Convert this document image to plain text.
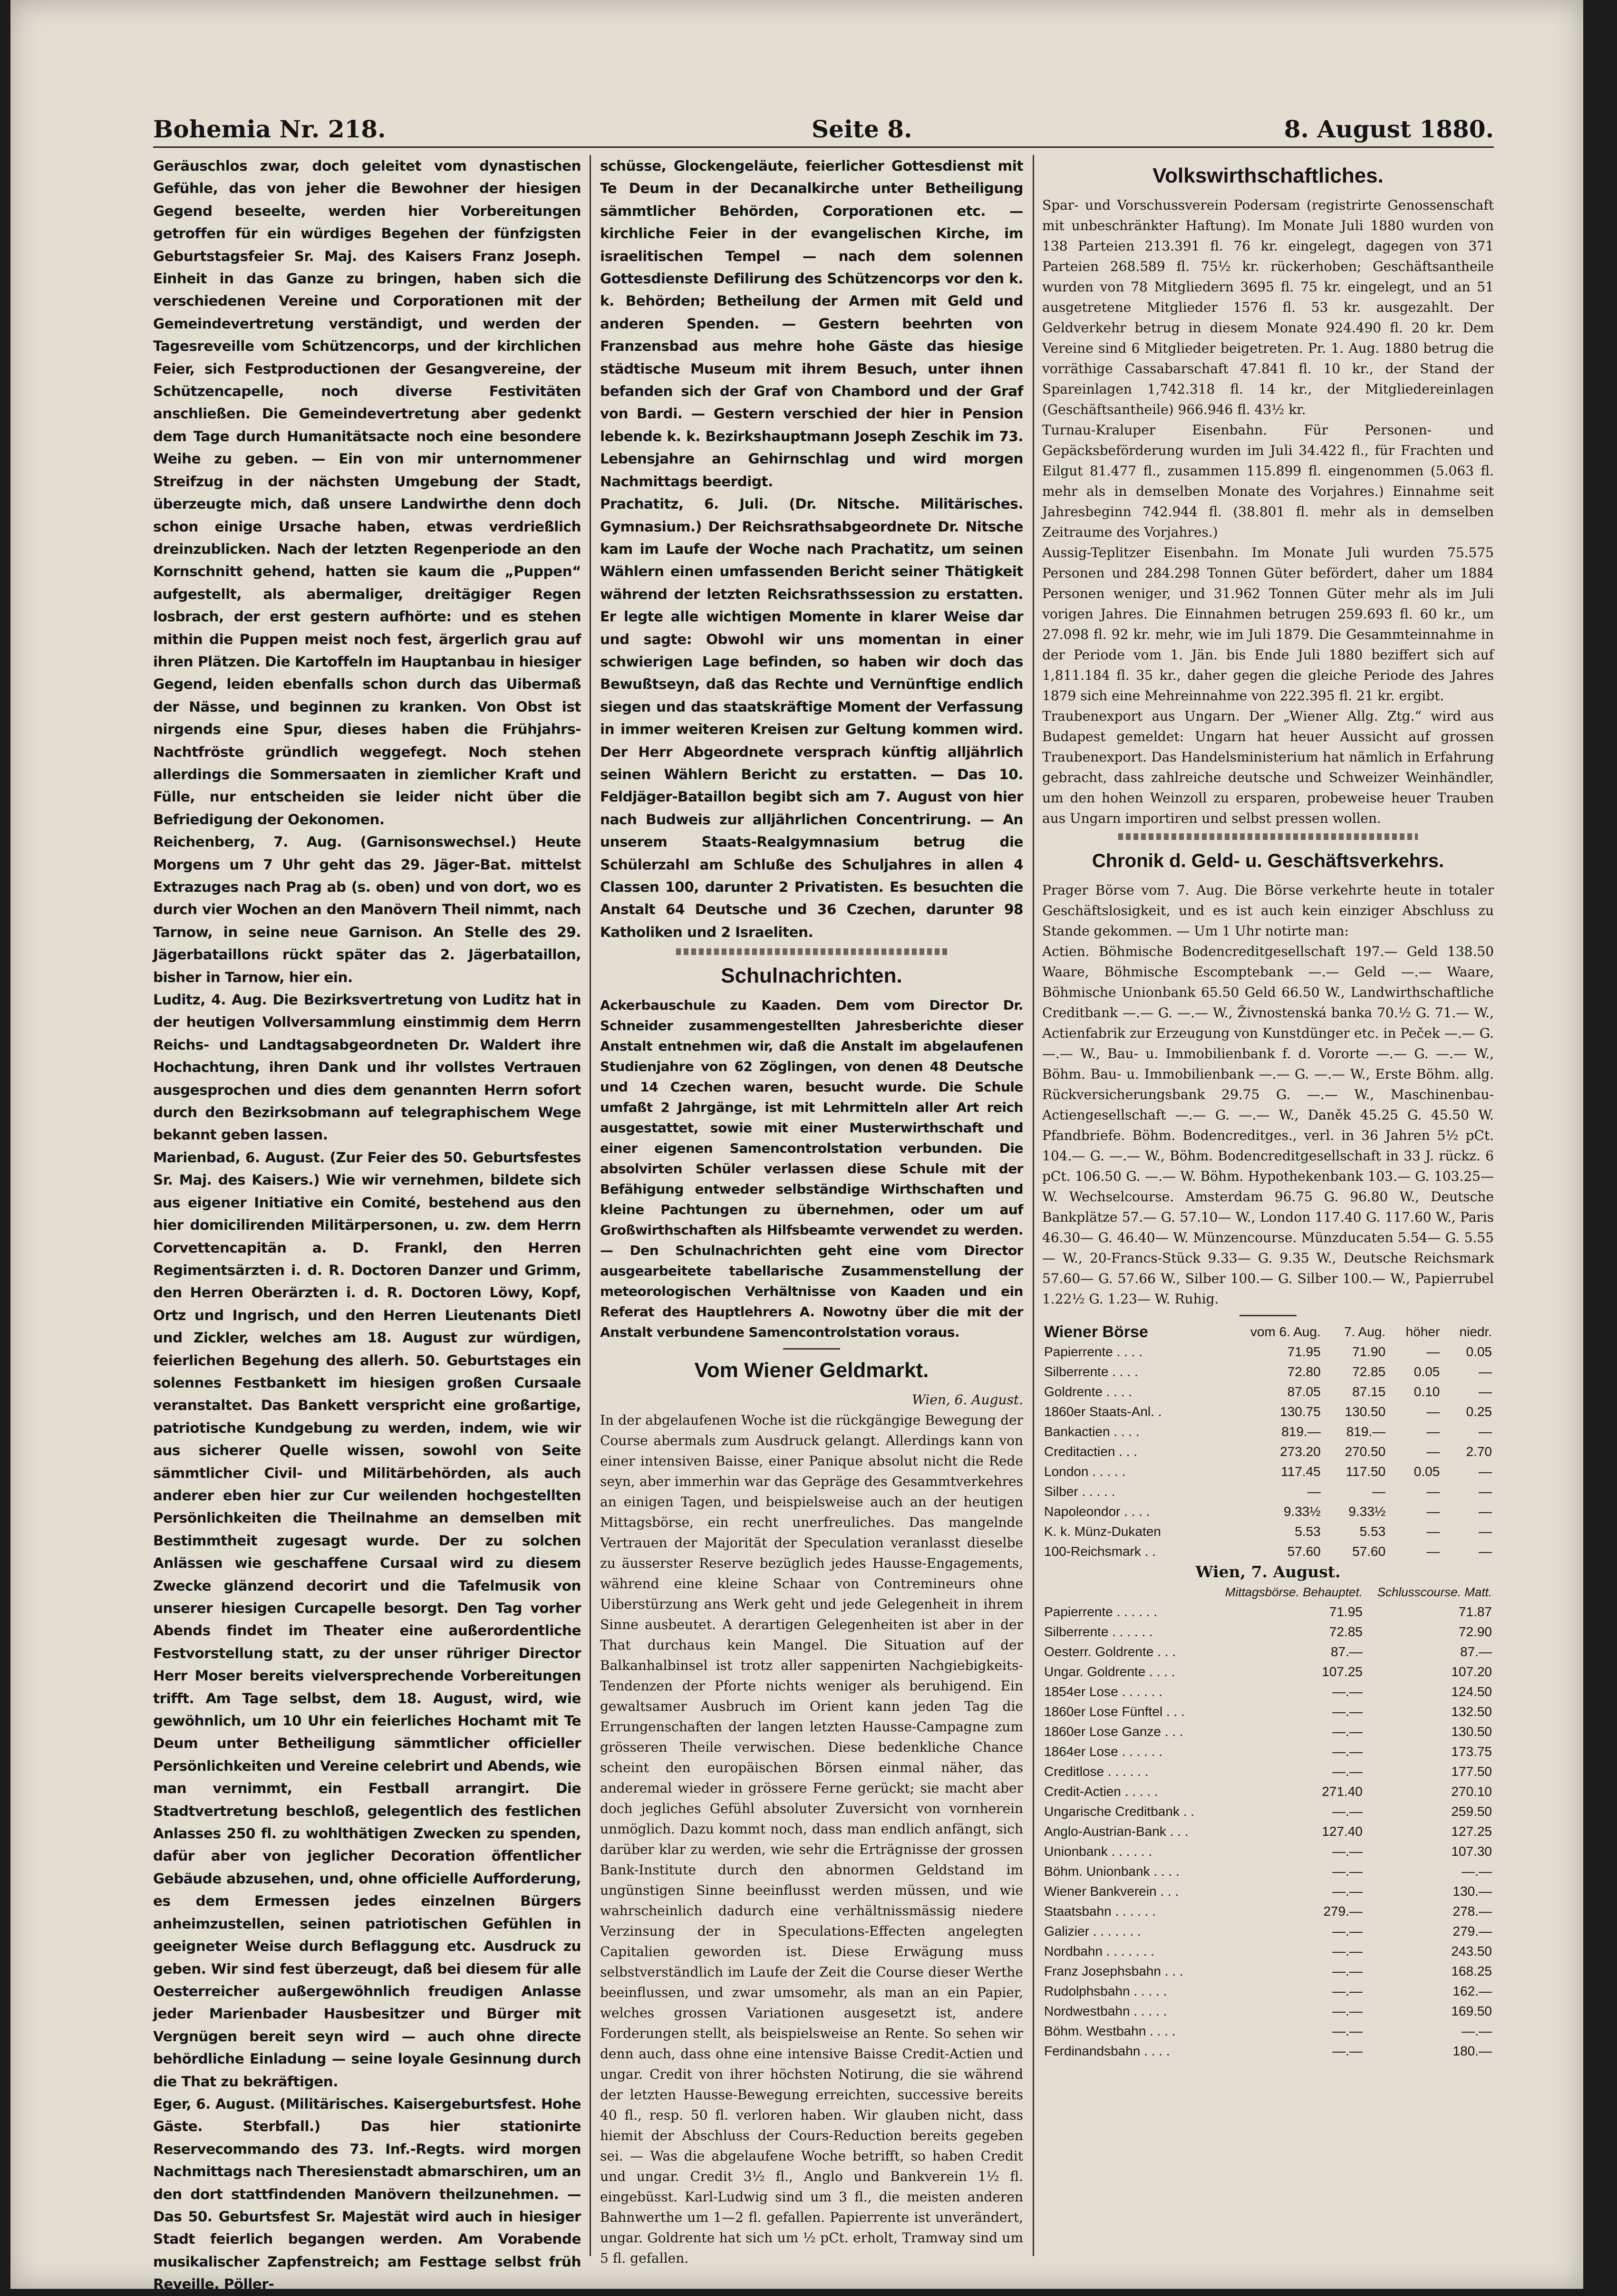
Bohemia Nr. 218.	Seite 8.	8. August 1880.

Geräuschlos zwar, doch geleitet vom dynastischen Gefühle, das von jeher die Bewohner der hiesigen Gegend beseelte, werden hier Vorbereitungen getroffen für ein würdiges Begehen der fünfzigsten Geburtstagsfeier Sr. Maj. des Kaisers Franz Joseph. Einheit in das Ganze zu bringen, haben sich die verschiedenen Vereine und Corporationen mit der Gemeindevertretung verständigt, und werden der Tagesreveille vom Schützencorps, und der kirchlichen Feier, sich Festproductionen der Gesangvereine, der Schützencapelle, noch diverse Festivitäten anschließen. Die Gemeindevertretung aber gedenkt dem Tage durch Humanitätsacte noch eine besondere Weihe zu geben. — Ein von mir unternommener Streifzug in der nächsten Umgebung der Stadt, überzeugte mich, daß unsere Landwirthe denn doch schon einige Ursache haben, etwas verdrießlich dreinzublicken. Nach der letzten Regenperiode an den Kornschnitt gehend, hatten sie kaum die „Puppen“ aufgestellt, als abermaliger, dreitägiger Regen losbrach, der erst gestern aufhörte: und es stehen mithin die Puppen meist noch fest, ärgerlich grau auf ihren Plätzen. Die Kartoffeln im Hauptanbau in hiesiger Gegend, leiden ebenfalls schon durch das Uibermaß der Nässe, und beginnen zu kranken. Von Obst ist nirgends eine Spur, dieses haben die Frühjahrs-Nachtfröste gründlich weggefegt. Noch stehen allerdings die Sommersaaten in ziemlicher Kraft und Fülle, nur entscheiden sie leider nicht über die Befriedigung der Oekonomen.

Reichenberg, 7. Aug. (Garnisonswechsel.) Heute Morgens um 7 Uhr geht das 29. Jäger-Bat. mittelst Extrazuges nach Prag ab (s. oben) und von dort, wo es durch vier Wochen an den Manövern Theil nimmt, nach Tarnow, in seine neue Garnison. An Stelle des 29. Jägerbataillons rückt später das 2. Jägerbataillon, bisher in Tarnow, hier ein.

Luditz, 4. Aug. Die Bezirksvertretung von Luditz hat in der heutigen Vollversammlung einstimmig dem Herrn Reichs- und Landtagsabgeordneten Dr. Waldert ihre Hochachtung, ihren Dank und ihr vollstes Vertrauen ausgesprochen und dies dem genannten Herrn sofort durch den Bezirksobmann auf telegraphischem Wege bekannt geben lassen.

Marienbad, 6. August. (Zur Feier des 50. Geburtsfestes Sr. Maj. des Kaisers.) Wie wir vernehmen, bildete sich aus eigener Initiative ein Comité, bestehend aus den hier domicilirenden Militärpersonen, u. zw. dem Herrn Corvettencapitän a. D. Frankl, den Herren Regimentsärzten i. d. R. Doctoren Danzer und Grimm, den Herren Oberärzten i. d. R. Doctoren Löwy, Kopf, Ortz und Ingrisch, und den Herren Lieutenants Dietl und Zickler, welches am 18. August zur würdigen, feierlichen Begehung des allerh. 50. Geburtstages ein solennes Festbankett im hiesigen großen Cursaale veranstaltet. Das Bankett verspricht eine großartige, patriotische Kundgebung zu werden, indem, wie wir aus sicherer Quelle wissen, sowohl von Seite sämmtlicher Civil- und Militärbehörden, als auch anderer eben hier zur Cur weilenden hochgestellten Persönlichkeiten die Theilnahme an demselben mit Bestimmtheit zugesagt wurde. Der zu solchen Anlässen wie geschaffene Cursaal wird zu diesem Zwecke glänzend decorirt und die Tafelmusik von unserer hiesigen Curcapelle besorgt. Den Tag vorher Abends findet im Theater eine außerordentliche Festvorstellung statt, zu der unser rühriger Director Herr Moser bereits vielversprechende Vorbereitungen trifft. Am Tage selbst, dem 18. August, wird, wie gewöhnlich, um 10 Uhr ein feierliches Hochamt mit Te Deum unter Betheiligung sämmtlicher officieller Persönlichkeiten und Vereine celebrirt und Abends, wie man vernimmt, ein Festball arrangirt. Die Stadtvertretung beschloß, gelegentlich des festlichen Anlasses 250 fl. zu wohlthätigen Zwecken zu spenden, dafür aber von jeglicher Decoration öffentlicher Gebäude abzusehen, und, ohne officielle Aufforderung, es dem Ermessen jedes einzelnen Bürgers anheimzustellen, seinen patriotischen Gefühlen in geeigneter Weise durch Beflaggung etc. Ausdruck zu geben. Wir sind fest überzeugt, daß bei diesem für alle Oesterreicher außergewöhnlich freudigen Anlasse jeder Marienbader Hausbesitzer und Bürger mit Vergnügen bereit seyn wird — auch ohne directe behördliche Einladung — seine loyale Gesinnung durch die That zu bekräftigen.

Eger, 6. August. (Militärisches. Kaisergeburtsfest. Hohe Gäste. Sterbfall.) Das hier stationirte Reservecommando des 73. Inf.-Regts. wird morgen Nachmittags nach Theresienstadt abmarschiren, um an den dort stattfindenden Manövern theilzunehmen. — Das 50. Geburtsfest Sr. Majestät wird auch in hiesiger Stadt feierlich begangen werden. Am Vorabende musikalischer Zapfenstreich; am Festtage selbst früh Reveille, Pöller-

schüsse, Glockengeläute, feierlicher Gottesdienst mit Te Deum in der Decanalkirche unter Betheiligung sämmtlicher Behörden, Corporationen etc. — kirchliche Feier in der evangelischen Kirche, im israelitischen Tempel — nach dem solennen Gottesdienste Defilirung des Schützencorps vor den k. k. Behörden; Betheilung der Armen mit Geld und anderen Spenden. — Gestern beehrten von Franzensbad aus mehre hohe Gäste das hiesige städtische Museum mit ihrem Besuch, unter ihnen befanden sich der Graf von Chambord und der Graf von Bardi. — Gestern verschied der hier in Pension lebende k. k. Bezirkshauptmann Joseph Zeschik im 73. Lebensjahre an Gehirnschlag und wird morgen Nachmittags beerdigt.

Prachatitz, 6. Juli. (Dr. Nitsche. Militärisches. Gymnasium.) Der Reichsrathsabgeordnete Dr. Nitsche kam im Laufe der Woche nach Prachatitz, um seinen Wählern einen umfassenden Bericht seiner Thätigkeit während der letzten Reichsrathssession zu erstatten. Er legte alle wichtigen Momente in klarer Weise dar und sagte: Obwohl wir uns momentan in einer schwierigen Lage befinden, so haben wir doch das Bewußtseyn, daß das Rechte und Vernünftige endlich siegen und das staatskräftige Moment der Verfassung in immer weiteren Kreisen zur Geltung kommen wird. Der Herr Abgeordnete versprach künftig alljährlich seinen Wählern Bericht zu erstatten. — Das 10. Feldjäger-Bataillon begibt sich am 7. August von hier nach Budweis zur alljährlichen Concentrirung. — An unserem Staats-Realgymnasium betrug die Schülerzahl am Schluße des Schuljahres in allen 4 Classen 100, darunter 2 Privatisten. Es besuchten die Anstalt 64 Deutsche und 36 Czechen, darunter 98 Katholiken und 2 Israeliten.

Schulnachrichten.

Ackerbauschule zu Kaaden. Dem vom Director Dr. Schneider zusammengestellten Jahresberichte dieser Anstalt entnehmen wir, daß die Anstalt im abgelaufenen Studienjahre von 62 Zöglingen, von denen 48 Deutsche und 14 Czechen waren, besucht wurde. Die Schule umfaßt 2 Jahrgänge, ist mit Lehrmitteln aller Art reich ausgestattet, sowie mit einer Musterwirthschaft und einer eigenen Samencontrolstation verbunden. Die absolvirten Schüler verlassen diese Schule mit der Befähigung entweder selbständige Wirthschaften und kleine Pachtungen zu übernehmen, oder um auf Großwirthschaften als Hilfsbeamte verwendet zu werden. — Den Schulnachrichten geht eine vom Director ausgearbeitete tabellarische Zusammenstellung der meteorologischen Verhältnisse von Kaaden und ein Referat des Hauptlehrers A. Nowotny über die mit der Anstalt verbundene Samencontrolstation voraus.

Vom Wiener Geldmarkt.
Wien, 6. August.

In der abgelaufenen Woche ist die rückgängige Bewegung der Course abermals zum Ausdruck gelangt. Allerdings kann von einer intensiven Baisse, einer Panique absolut nicht die Rede seyn, aber immerhin war das Gepräge des Gesammtverkehres an einigen Tagen, und beispielsweise auch an der heutigen Mittagsbörse, ein recht unerfreuliches. Das mangelnde Vertrauen der Majorität der Speculation veranlasst dieselbe zu äusserster Reserve bezüglich jedes Hausse-Engagements, während eine kleine Schaar von Contremineurs ohne Uiberstürzung ans Werk geht und jede Gelegenheit in ihrem Sinne ausbeutet. A derartigen Gelegenheiten ist aber in der That durchaus kein Mangel. Die Situation auf der Balkanhalbinsel ist trotz aller sappenirten Nachgiebigkeits-Tendenzen der Pforte nichts weniger als beruhigend. Ein gewaltsamer Ausbruch im Orient kann jeden Tag die Errungenschaften der langen letzten Hausse-Campagne zum grösseren Theile verwischen. Diese bedenkliche Chance scheint den europäischen Börsen einmal näher, das anderemal wieder in grössere Ferne gerückt; sie macht aber doch jegliches Gefühl absoluter Zuversicht von vornherein unmöglich. Dazu kommt noch, dass man endlich anfängt, sich darüber klar zu werden, wie sehr die Erträgnisse der grossen Bank-Institute durch den abnormen Geldstand im ungünstigen Sinne beeinflusst werden müssen, und wie wahrscheinlich dadurch eine verhältnissmässig niedere Verzinsung der in Speculations-Effecten angelegten Capitalien geworden ist. Diese Erwägung muss selbstverständlich im Laufe der Zeit die Course dieser Werthe beeinflussen, und zwar umsomehr, als man an ein Papier, welches grossen Variationen ausgesetzt ist, andere Forderungen stellt, als beispielsweise an Rente. So sehen wir denn auch, dass ohne eine intensive Baisse Credit-Actien und ungar. Credit von ihrer höchsten Notirung, die sie während der letzten Hausse-Bewegung erreichten, successive bereits 40 fl., resp. 50 fl. verloren haben. Wir glauben nicht, dass hiemit der Abschluss der Cours-Reduction bereits gegeben sei. — Was die abgelaufene Woche betrifft, so haben Credit und ungar. Credit 3½ fl., Anglo und Bankverein 1½ fl. eingebüsst. Karl-Ludwig sind um 3 fl., die meisten anderen Bahnwerthe um 1—2 fl. gefallen. Papierrente ist unverändert, ungar. Goldrente hat sich um ½ pCt. erholt, Tramway sind um 5 fl. gefallen.

Volkswirthschaftliches.

Spar- und Vorschussverein Podersam (registrirte Genossenschaft mit unbeschränkter Haftung). Im Monate Juli 1880 wurden von 138 Parteien 213.391 fl. 76 kr. eingelegt, dagegen von 371 Parteien 268.589 fl. 75½ kr. rückerhoben; Geschäftsantheile wurden von 78 Mitgliedern 3695 fl. 75 kr. eingelegt, und an 51 ausgetretene Mitglieder 1576 fl. 53 kr. ausgezahlt. Der Geldverkehr betrug in diesem Monate 924.490 fl. 20 kr. Dem Vereine sind 6 Mitglieder beigetreten. Pr. 1. Aug. 1880 betrug die vorräthige Cassabarschaft 47.841 fl. 10 kr., der Stand der Spareinlagen 1,742.318 fl. 14 kr., der Mitgliedereinlagen (Geschäftsantheile) 966.946 fl. 43½ kr.

Turnau-Kraluper Eisenbahn. Für Personen- und Gepäcksbeförderung wurden im Juli 34.422 fl., für Frachten und Eilgut 81.477 fl., zusammen 115.899 fl. eingenommen (5.063 fl. mehr als in demselben Monate des Vorjahres.) Einnahme seit Jahresbeginn 742.944 fl. (38.801 fl. mehr als in demselben Zeitraume des Vorjahres.)

Aussig-Teplitzer Eisenbahn. Im Monate Juli wurden 75.575 Personen und 284.298 Tonnen Güter befördert, daher um 1884 Personen weniger, und 31.962 Tonnen Güter mehr als im Juli vorigen Jahres. Die Einnahmen betrugen 259.693 fl. 60 kr., um 27.098 fl. 92 kr. mehr, wie im Juli 1879. Die Gesammteinnahme in der Periode vom 1. Jän. bis Ende Juli 1880 beziffert sich auf 1,811.184 fl. 35 kr., daher gegen die gleiche Periode des Jahres 1879 sich eine Mehreinnahme von 222.395 fl. 21 kr. ergibt.

Traubenexport aus Ungarn. Der „Wiener Allg. Ztg.“ wird aus Budapest gemeldet: Ungarn hat heuer Aussicht auf grossen Traubenexport. Das Handelsministerium hat nämlich in Erfahrung gebracht, dass zahlreiche deutsche und Schweizer Weinhändler, um den hohen Weinzoll zu ersparen, probeweise heuer Trauben aus Ungarn importiren und selbst pressen wollen.

Chronik d. Geld- u. Geschäftsverkehrs.

Prager Börse vom 7. Aug. Die Börse verkehrte heute in totaler Geschäftslosigkeit, und es ist auch kein einziger Abschluss zu Stande gekommen. — Um 1 Uhr notirte man:

Actien. Böhmische Bodencreditgesellschaft 197.— Geld 138.50 Waare, Böhmische Escomptebank —.— Geld —.— Waare, Böhmische Unionbank 65.50 Geld 66.50 W., Landwirthschaftliche Creditbank —.— G. —.— W., Živnostenská banka 70.½ G. 71.— W., Actienfabrik zur Erzeugung von Kunstdünger etc. in Peček —.— G. —.— W., Bau- u. Immobilienbank f. d. Vororte —.— G. —.— W., Böhm. Bau- u. Immobilienbank —.— G. —.— W., Erste Böhm. allg. Rückversicherungsbank 29.75 G. —.— W., Maschinenbau-Actiengesellschaft —.— G. —.— W., Daněk 45.25 G. 45.50 W. Pfandbriefe. Böhm. Bodencreditges., verl. in 36 Jahren 5½ pCt. 104.— G. —.— W., Böhm. Bodencreditgesellschaft in 33 J. rückz. 6 pCt. 106.50 G. —.— W. Böhm. Hypothekenbank 103.— G. 103.25— W. Wechselcourse. Amsterdam 96.75 G. 96.80 W., Deutsche Bankplätze 57.— G. 57.10— W., London 117.40 G. 117.60 W., Paris 46.30— G. 46.40— W. Münzencourse. Münzducaten 5.54— G. 5.55— W., 20-Francs-Stück 9.33— G. 9.35 W., Deutsche Reichsmark 57.60— G. 57.66 W., Silber 100.— G. Silber 100.— W., Papierrubel 1.22½ G. 1.23— W. Ruhig.

Wiener Börse	vom 6. Aug.	7. Aug.	höher	niedr.
Papierrente . . . .	71.95	71.90	—	0.05
Silberrente . . . .	72.80	72.85	0.05	—
Goldrente . . . .	87.05	87.15	0.10	—
1860er Staats-Anl. .	130.75	130.50	—	0.25
Bankactien . . . .	819.—	819.—	—	—
Creditactien . . .	273.20	270.50	—	2.70
London . . . . .	117.45	117.50	0.05	—
Silber . . . . .	—	—	—	—
Napoleondor . . . .	9.33½	9.33½	—	—
K. k. Münz-Dukaten	5.53	5.53	—	—
100-Reichsmark . .	57.60	57.60	—	—
Wien, 7. August.
	Mittagsbörse. Behauptet.	Schlusscourse. Matt.
Papierrente . . . . . .	71.95	71.87
Silberrente . . . . . .	72.85	72.90
Oesterr. Goldrente . . .	87.—	87.—
Ungar. Goldrente . . . .	107.25	107.20
1854er Lose . . . . . .	—.—	124.50
1860er Lose Fünftel . . .	—.—	132.50
1860er Lose Ganze . . .	—.—	130.50
1864er Lose . . . . . .	—.—	173.75
Creditlose . . . . . .	—.—	177.50
Credit-Actien . . . . .	271.40	270.10
Ungarische Creditbank . .	—.—	259.50
Anglo-Austrian-Bank . . .	127.40	127.25
Unionbank . . . . . .	—.—	107.30
Böhm. Unionbank . . . .	—.—	—.—
Wiener Bankverein . . .	—.—	130.—
Staatsbahn . . . . . .	279.—	278.—
Galizier . . . . . . .	—.—	279.—
Nordbahn . . . . . . .	—.—	243.50
Franz Josephsbahn . . .	—.—	168.25
Rudolphsbahn . . . . .	—.—	162.—
Nordwestbahn . . . . .	—.—	169.50
Böhm. Westbahn . . . .	—.—	—.—
Ferdinandsbahn . . . .	—.—	180.—
